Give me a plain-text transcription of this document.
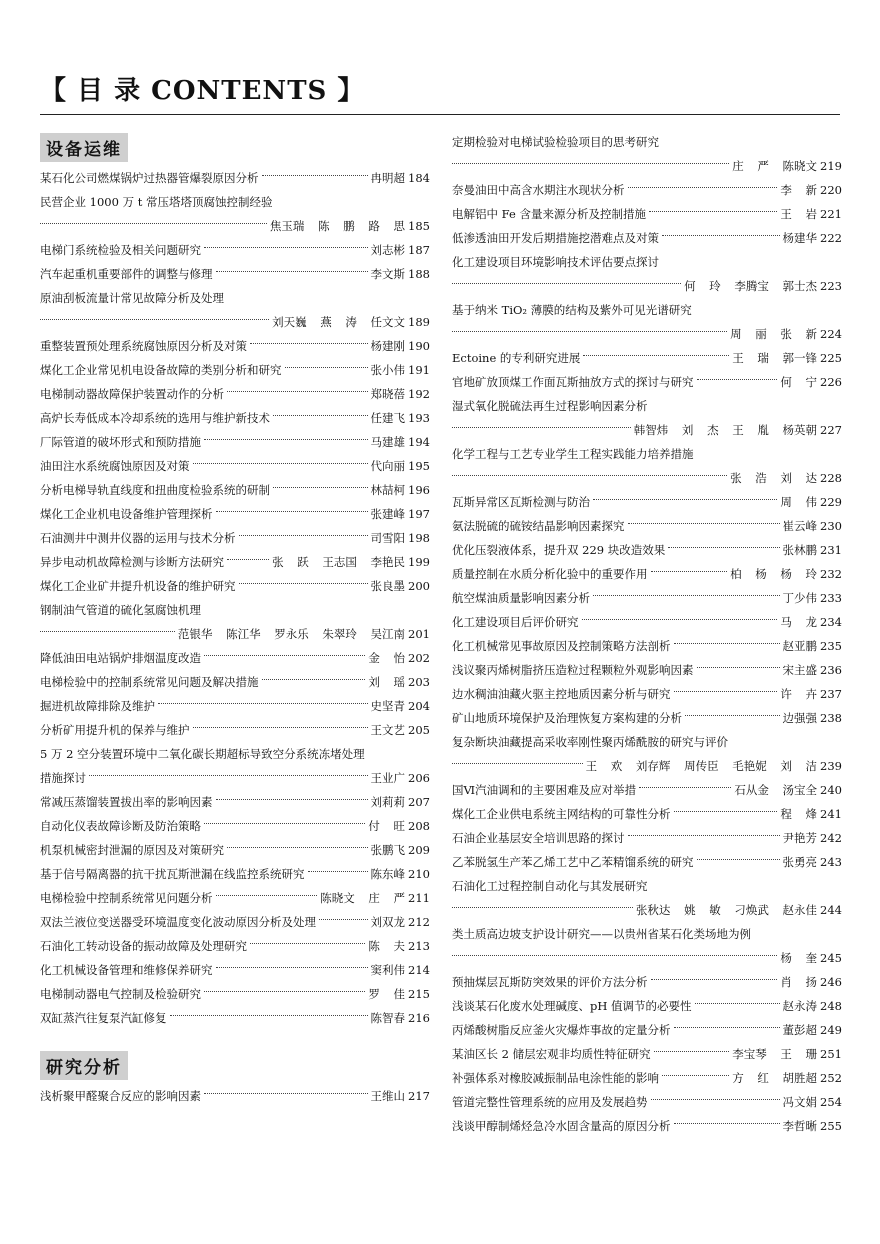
【 目 录 CONTENTS 】
设备运维
某石化公司燃煤锅炉过热器管爆裂原因分析	冉明超 184
民营企业 1000 万 t 常压塔塔顶腐蚀控制经验
焦玉瑞 陈 鹏 路 思 185
电梯门系统检验及相关问题研究	刘志彬 187
汽车起重机重要部件的调整与修理	李文斯 188
原油刮板流量计常见故障分析及处理
刘天巍 燕 涛 任文文 189
重整装置预处理系统腐蚀原因分析及对策	杨建刚 190
煤化工企业常见机电设备故障的类别分析和研究	张小伟 191
电梯制动器故障保护装置动作的分析	郑晓蓓 192
高炉长寿低成本冷却系统的选用与维护新技术	任建飞 193
厂际管道的破坏形式和预防措施	马建雄 194
油田注水系统腐蚀原因及对策	代向丽 195
分析电梯导轨直线度和扭曲度检验系统的研制	林喆柯 196
煤化工企业机电设备维护管理探析	张建峰 197
石油测井中测井仪器的运用与技术分析	司雪阳 198
异步电动机故障检测与诊断方法研究	张 跃 王志国 李艳民 199
煤化工企业矿井提升机设备的维护研究	张良墨 200
钢制油气管道的硫化氢腐蚀机理
范银华 陈江华 罗永乐 朱翠玲 吴江南 201
降低油田电站锅炉排烟温度改造	金 怡 202
电梯检验中的控制系统常见问题及解决措施	刘 瑶 203
掘进机故障排除及维护	史坚青 204
分析矿用提升机的保养与维护	王文艺 205
5 万 2 空分装置环境中二氧化碳长期超标导致空分系统冻堵处理
措施探讨	王业广 206
常减压蒸馏装置拔出率的影响因素	刘莉莉 207
自动化仪表故障诊断及防治策略	付 旺 208
机泵机械密封泄漏的原因及对策研究	张鹏飞 209
基于信号隔离器的抗干扰瓦斯泄漏在线监控系统研究	陈东峰 210
电梯检验中控制系统常见问题分析	陈晓文 庄 严 211
双法兰液位变送器受环境温度变化波动原因分析及处理	刘双龙 212
石油化工转动设备的振动故障及处理研究	陈 夫 213
化工机械设备管理和维修保养研究	窦利伟 214
电梯制动器电气控制及检验研究	罗 佳 215
双缸蒸汽往复泵汽缸修复	陈智春 216
研究分析
浅析聚甲醛聚合反应的影响因素	王维山 217
定期检验对电梯试验检验项目的思考研究
庄 严 陈晓文 219
奈曼油田中高含水期注水现状分析	李 新 220
电解铝中 Fe 含量来源分析及控制措施	王 岩 221
低渗透油田开发后期措施挖潜难点及对策	杨建华 222
化工建设项目环境影响技术评估要点探讨
何 玲 李腾宝 郭士杰 223
基于纳米 TiO₂ 薄膜的结构及紫外可见光谱研究
周 丽 张 新 224
Ectoine 的专利研究进展	王 瑞 郭一锋 225
官地矿放顶煤工作面瓦斯抽放方式的探讨与研究	何 宁 226
湿式氧化脱硫法再生过程影响因素分析
韩智炜 刘 杰 王 胤 杨英朝 227
化学工程与工艺专业学生工程实践能力培养措施
张 浩 刘 达 228
瓦斯异常区瓦斯检测与防治	周 伟 229
氨法脱硫的硫铵结晶影响因素探究	崔云峰 230
优化压裂液体系，提升双 229 块改造效果	张林鹏 231
质量控制在水质分析化验中的重要作用	柏 杨 杨 玲 232
航空煤油质量影响因素分析	丁少伟 233
化工建设项目后评价研究	马 龙 234
化工机械常见事故原因及控制策略方法剖析	赵亚鹏 235
浅议聚丙烯树脂挤压造粒过程颗粒外观影响因素	宋主盛 236
边水稠油油藏火驱主控地质因素分析与研究	许 卉 237
矿山地质环境保护及治理恢复方案构建的分析	边强强 238
复杂断块油藏提高采收率刚性聚丙烯酰胺的研究与评价
王 欢 刘存辉 周传臣 毛艳妮 刘 洁 239
国Ⅵ汽油调和的主要困难及应对举措	石从金 汤宝全 240
煤化工企业供电系统主网结构的可靠性分析	程 烽 241
石油企业基层安全培训思路的探讨	尹艳芳 242
乙苯脱氢生产苯乙烯工艺中乙苯精馏系统的研究	张勇亮 243
石油化工过程控制自动化与其发展研究
张秋达 姚 敏 刁焕武 赵永佳 244
类土质高边坡支护设计研究——以贵州省某石化类场地为例
杨 奎 245
预抽煤层瓦斯防突效果的评价方法分析	肖 扬 246
浅谈某石化废水处理碱度、pH 值调节的必要性	赵永涛 248
丙烯酸树脂反应釜火灾爆炸事故的定量分析	董彭超 249
某油区长 2 储层宏观非均质性特征研究	李宝琴 王 珊 251
补强体系对橡胶减振制品电涂性能的影响	方 红 胡胜超 252
管道完整性管理系统的应用及发展趋势	冯文娟 254
浅谈甲醇制烯烃急冷水固含量高的原因分析	李哲晰 255
